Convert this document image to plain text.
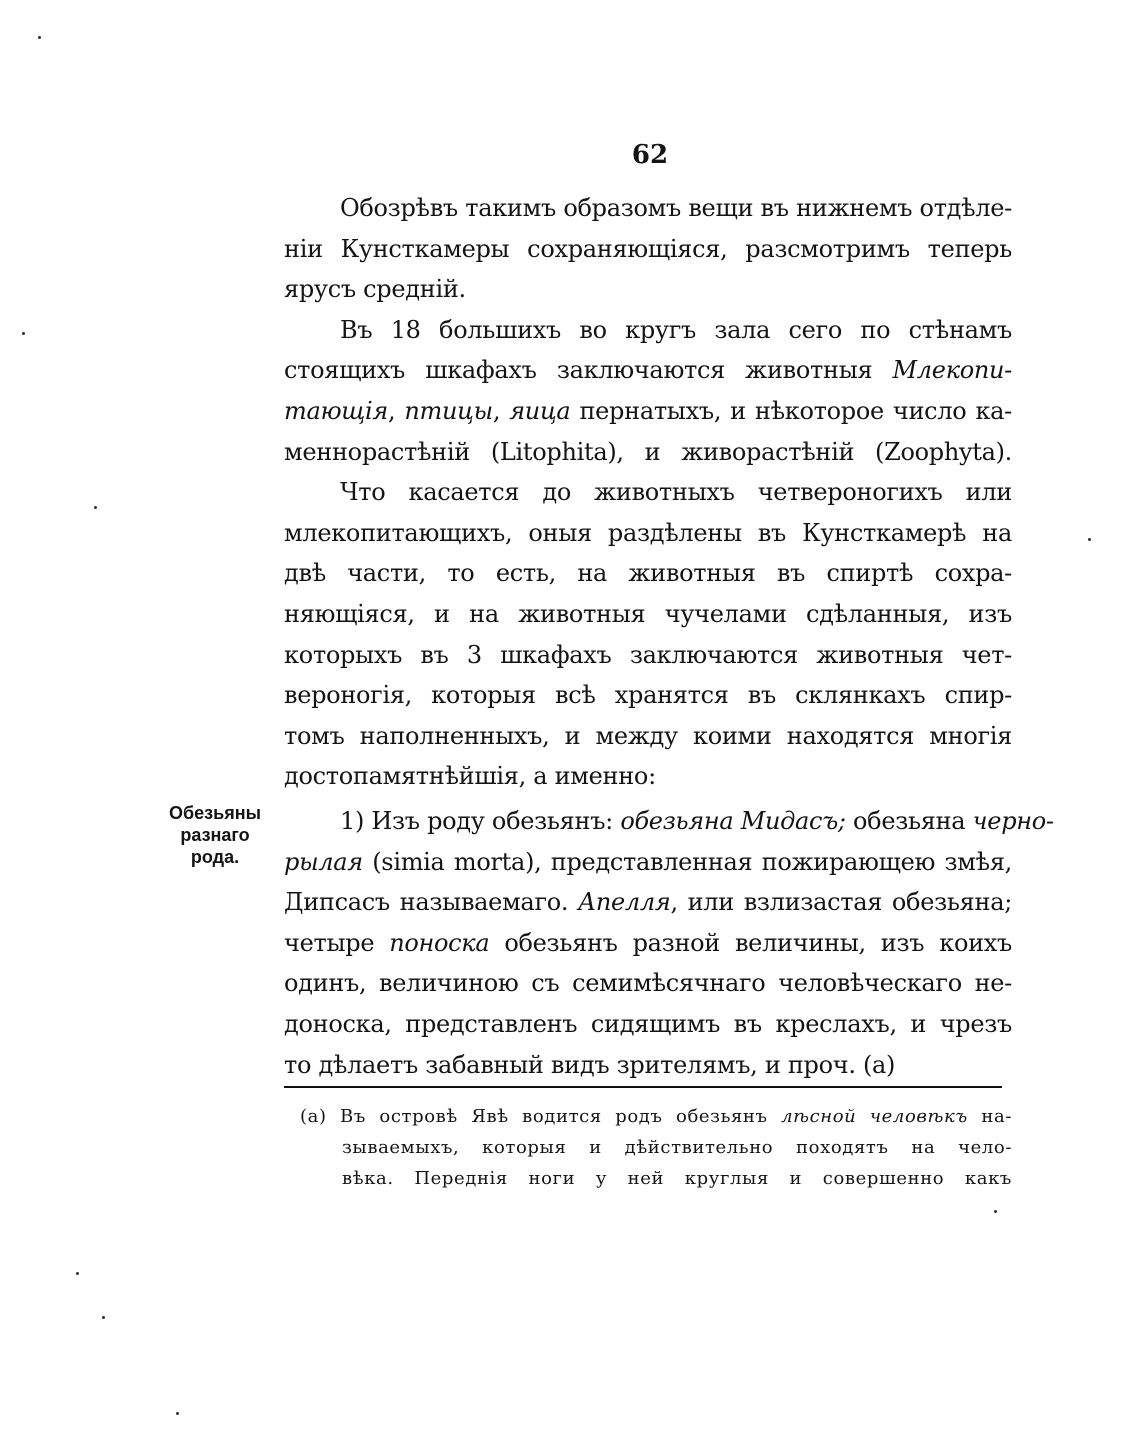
62
Обозрѣвъ такимъ образомъ вещи въ нижнемъ отдѣле-
ніи Кунсткамеры сохраняющіяся, разсмотримъ теперь
ярусъ средній.
Въ 18 большихъ во кругъ зала сего по стѣнамъ
стоящихъ шкафахъ заключаются животныя Млекопи-
тающія, птицы, яица пернатыхъ, и нѣкоторое число ка-
меннорастѣній (Litophita), и живорастѣній (Zoophyta).
Что касается до животныхъ четвероногихъ или
млекопитающихъ, оныя раздѣлены въ Кунсткамерѣ на
двѣ части, то есть, на животныя въ спиртѣ сохра-
няющіяся, и на животныя чучелами сдѣланныя, изъ
которыхъ въ 3 шкафахъ заключаются животныя чет-
вероногія, которыя всѣ хранятся въ склянкахъ спир-
томъ наполненныхъ, и между коими находятся многія
достопамятнѣйшія, а именно:
1) Изъ роду обезьянъ: обезьяна Мидасъ; обезьяна черно-
рылая (simia morta), представленная пожирающею змѣя,
Дипсасъ называемаго. Апелля, или взлизастая обезьяна;
четыре поноска обезьянъ разной величины, изъ коихъ
одинъ, величиною съ семимѣсячнаго человѣческаго не-
доноска, представленъ сидящимъ въ креслахъ, и чрезъ
то дѣлаетъ забавный видъ зрителямъ, и проч. (а)
Обезьяны
разнаго
рода.
(а) Въ островѣ Явѣ водится родъ обезьянъ лѣсной человѣкъ на-
зываемыхъ, которыя и дѣйствительно походятъ на чело-
вѣка. Переднія ноги у ней круглыя и совершенно какъ
